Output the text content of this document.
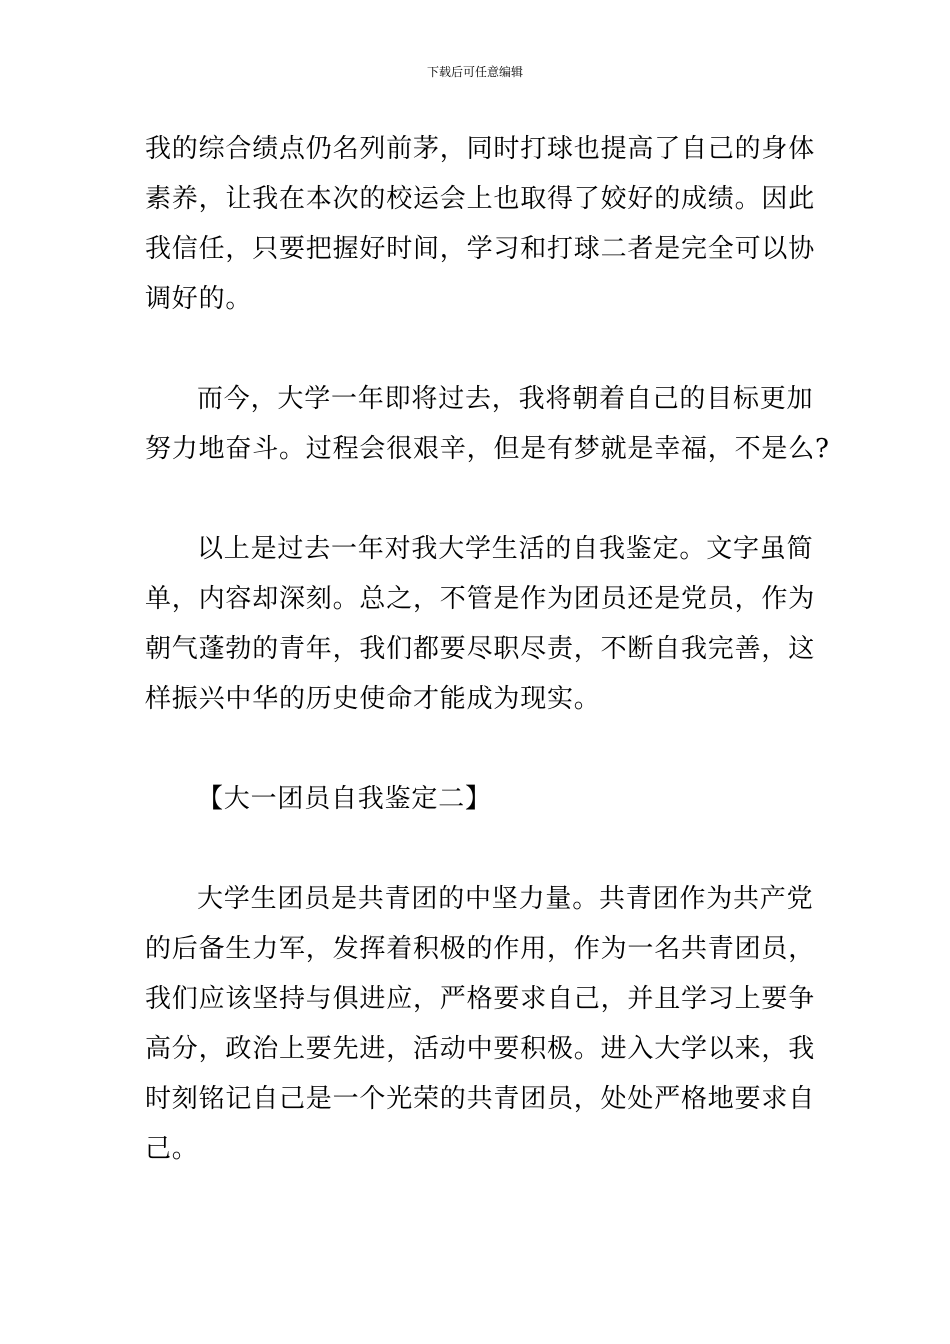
下载后可任意编辑
我的综合绩点仍名列前茅，同时打球也提高了自己的身体
素养，让我在本次的校运会上也取得了姣好的成绩。因此
我信任，只要把握好时间，学习和打球二者是完全可以协
调好的。
而今，大学一年即将过去，我将朝着自己的目标更加
努力地奋斗。过程会很艰辛，但是有梦就是幸福，不是么?
以上是过去一年对我大学生活的自我鉴定。文字虽简
单，内容却深刻。总之，不管是作为团员还是党员，作为
朝气蓬勃的青年，我们都要尽职尽责，不断自我完善，这
样振兴中华的历史使命才能成为现实。
【大一团员自我鉴定二】
大学生团员是共青团的中坚力量。共青团作为共产党
的后备生力军，发挥着积极的作用，作为一名共青团员，
我们应该坚持与俱进应，严格要求自己，并且学习上要争
高分，政治上要先进，活动中要积极。进入大学以来，我
时刻铭记自己是一个光荣的共青团员，处处严格地要求自
己。
